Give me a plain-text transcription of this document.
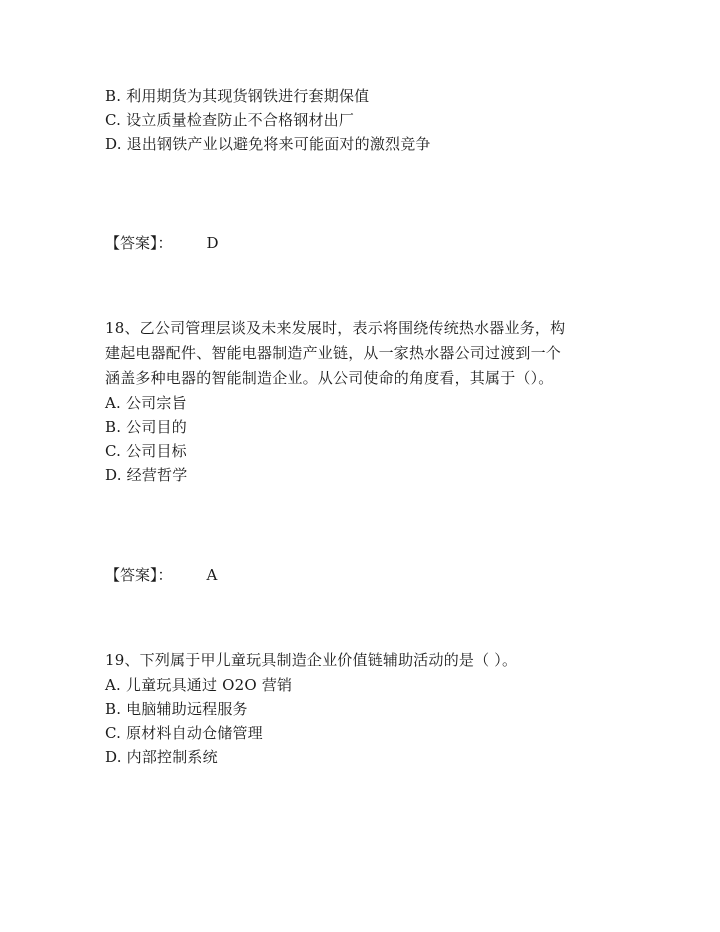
B. 利用期货为其现货钢铁进行套期保值
C. 设立质量检查防止不合格钢材出厂
D. 退出钢铁产业以避免将来可能面对的激烈竞争
【答案】： D
18、乙公司管理层谈及未来发展时，表示将围绕传统热水器业务，构
建起电器配件、智能电器制造产业链，从一家热水器公司过渡到一个
涵盖多种电器的智能制造企业。从公司使命的角度看，其属于（）。
A. 公司宗旨
B. 公司目的
C. 公司目标
D. 经营哲学
【答案】： A
19、下列属于甲儿童玩具制造企业价值链辅助活动的是（ ）。
A. 儿童玩具通过 O2O 营销
B. 电脑辅助远程服务
C. 原材料自动仓储管理
D. 内部控制系统
